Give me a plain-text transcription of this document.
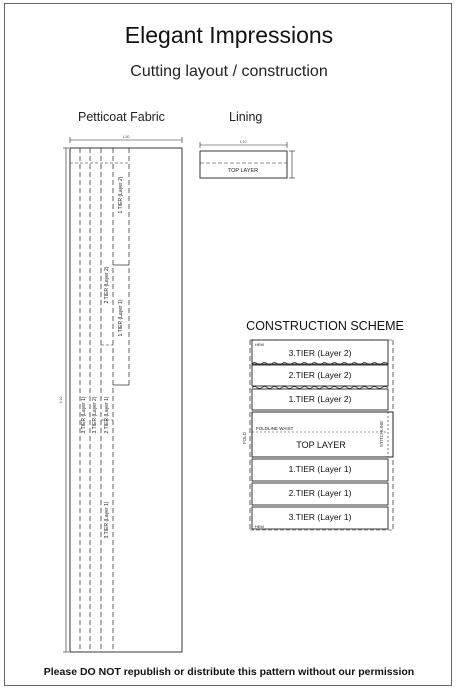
Elegant Impressions
Cutting layout / construction
Petticoat Fabric	Lining
1,30
4,10
1.TIER (Layer 2)
2.TIER (Layer 2)
1.TIER (Layer 1)
3.TIER (Layer 1) 3.TIER (Layer 2) 2.TIER (Layer 1)
3.TIER (Layer 1)
1,10
TOP LAYER
CONSTRUCTION SCHEME
HEM
HEM
FOLD	STITCHLINE
FOLDLINE WAIST
3.TIER (Layer 2)
2.TIER (Layer 2)
1.TIER (Layer 2)
TOP LAYER
1.TIER (Layer 1)
2.TIER (Layer 1)
3.TIER (Layer 1)
Please DO NOT republish or distribute this pattern without our permission
